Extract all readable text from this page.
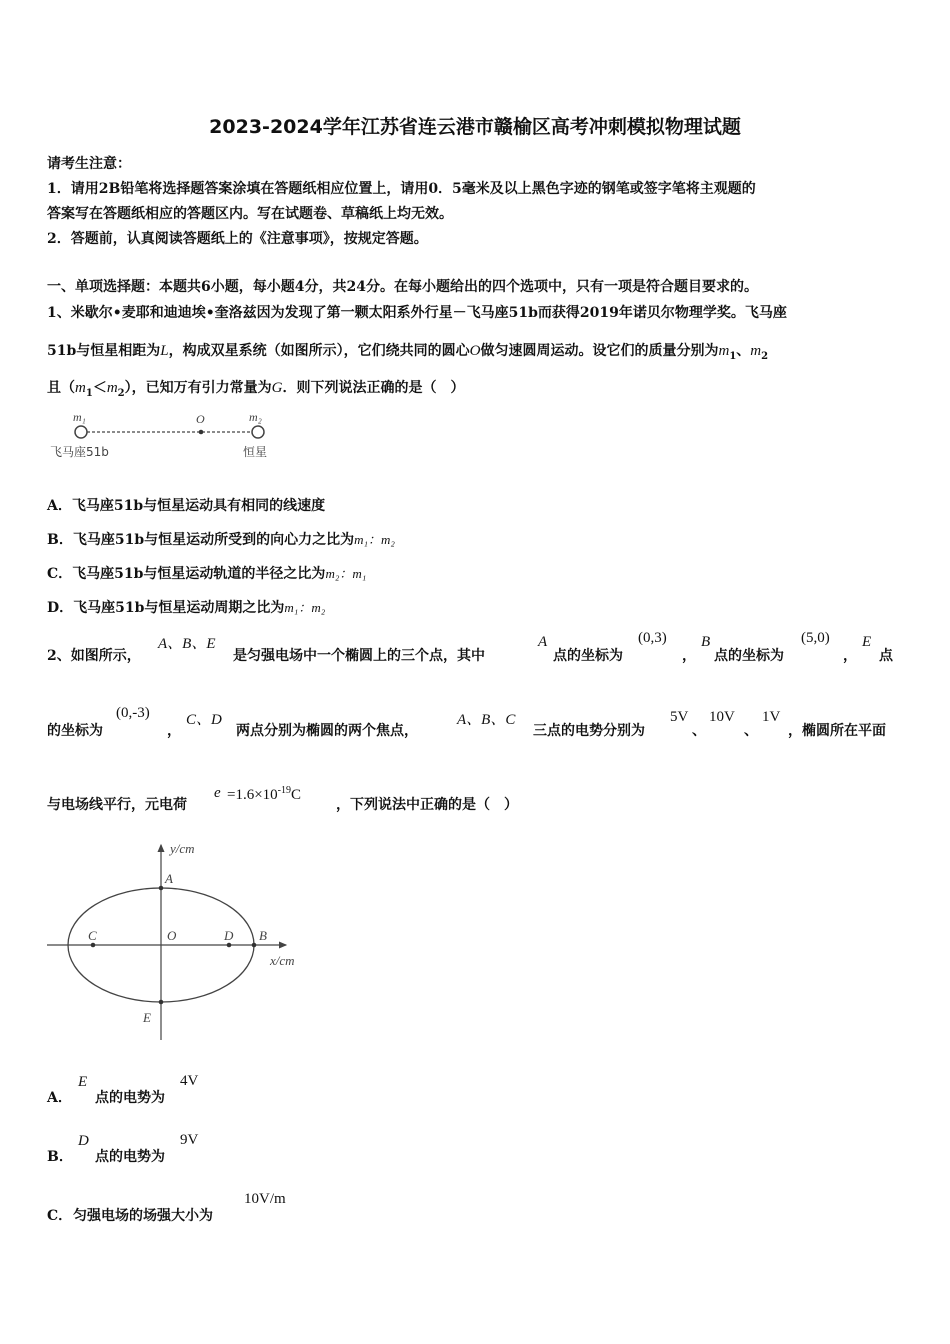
2023-2024学年江苏省连云港市赣榆区高考冲刺模拟物理试题
请考生注意：
1．请用2B铅笔将选择题答案涂填在答题纸相应位置上，请用0．5毫米及以上黑色字迹的钢笔或签字笔将主观题的
答案写在答题纸相应的答题区内。写在试题卷、草稿纸上均无效。
2．答题前，认真阅读答题纸上的《注意事项》，按规定答题。
一、单项选择题：本题共6小题，每小题4分，共24分。在每小题给出的四个选项中，只有一项是符合题目要求的。
1、米歇尔•麦耶和迪迪埃•奎洛兹因为发现了第一颗太阳系外行星－飞马座51b而获得2019年诺贝尔物理学奖。飞马座
51b与恒星相距为L，构成双星系统（如图所示），它们绕共同的圆心O做匀速圆周运动。设它们的质量分别为$m_1$、$m_2$
且$(m_1<m_2)$，已知万有引力常量为G．则下列说法正确的是（　）
m₁	O	m₂
飞马座51b	恒星
A．飞马座51b与恒星运动具有相同的线速度
B．飞马座51b与恒星运动所受到的向心力之比为m₁：m₂
C．飞马座51b与恒星运动轨道的半径之比为m₂：m₁
D．飞马座51b与恒星运动周期之比为m₁：m₂
2、如图所示，
A、B、E
是匀强电场中一个椭圆上的三个点，其中
A
点的坐标为
(0,3)
，
B
点的坐标为
(5,0)
，
E
点
的坐标为
(0,-3)
，
C、D
两点分别为椭圆的两个焦点，
A、B、C
三点的电势分别为
5V
、
10V
、
1V
，椭圆所在平面
与电场线平行，元电荷
$e =1.6\times 10^{-19}C$
，下列说法中正确的是（　）
y/cm
x/cm
A
B
C	D
O
E
A．
E
点的电势为
4V
B．
D
点的电势为
9V
C． 匀强电场的场强大小为
10V/m
